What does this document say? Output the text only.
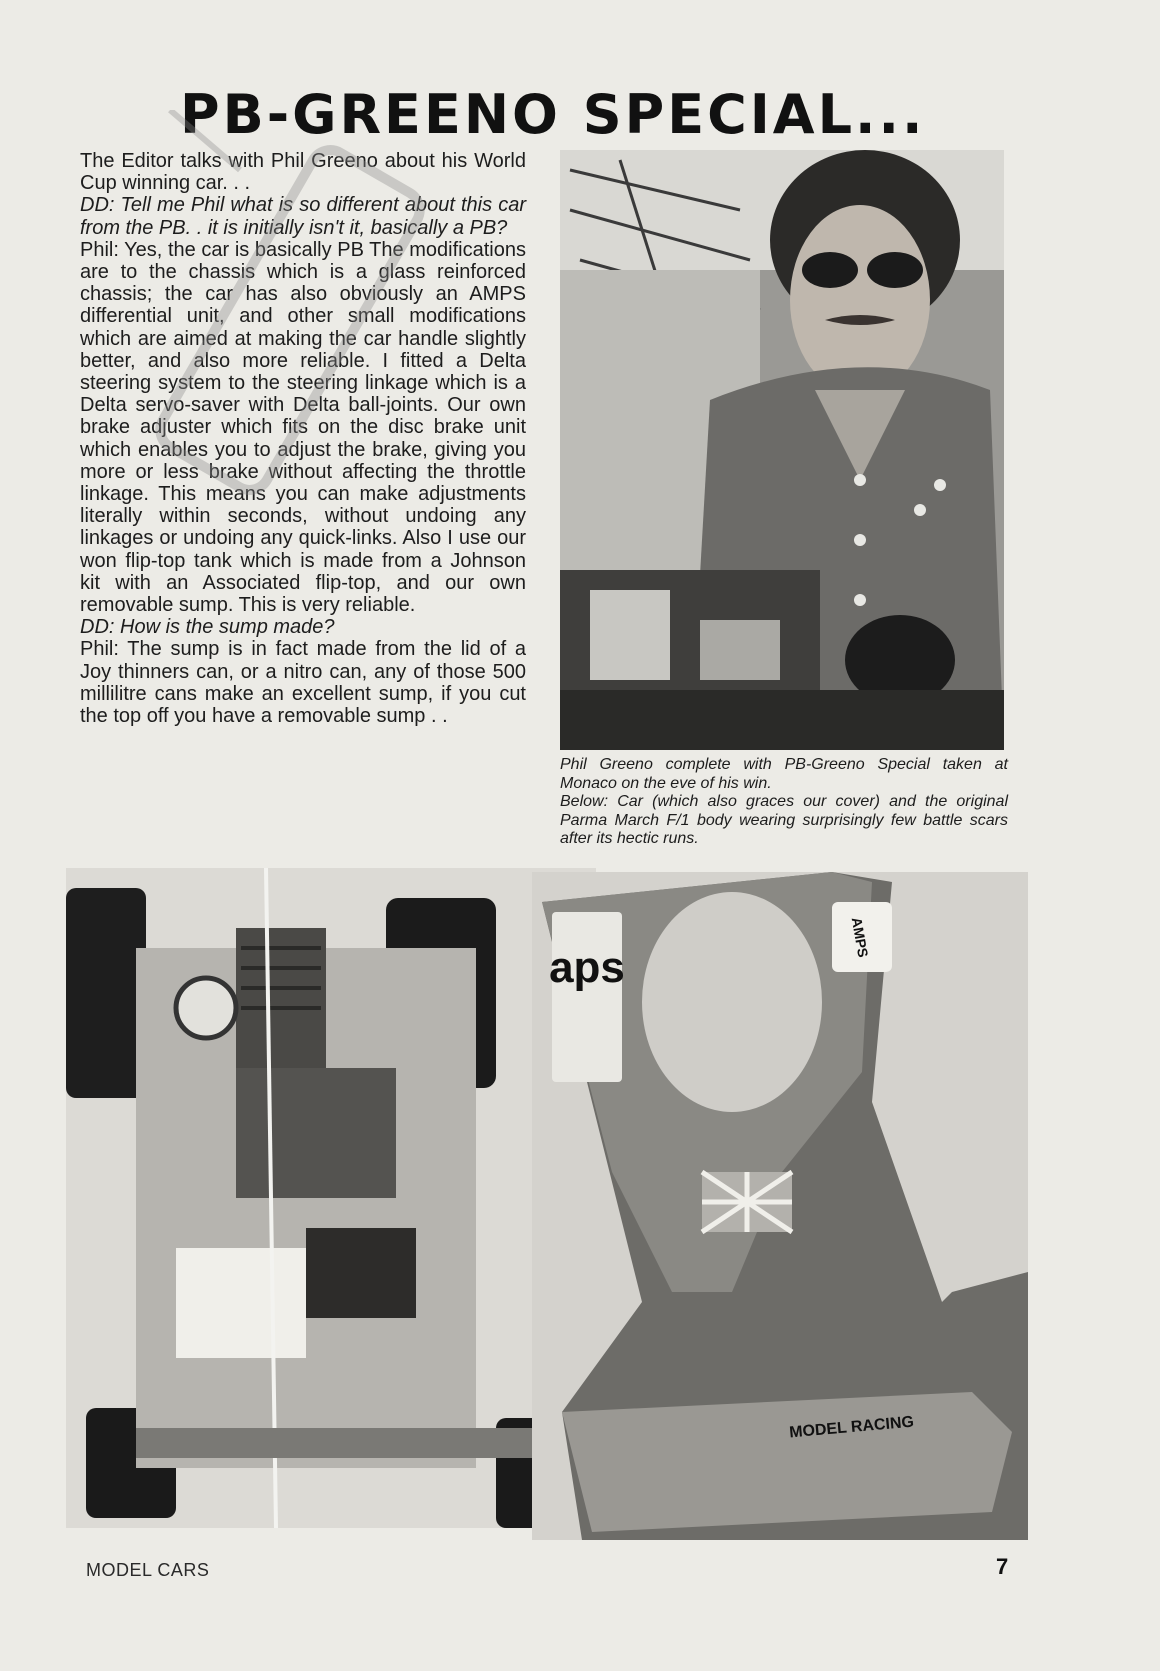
PB-GREENO SPECIAL...

The Editor talks with Phil Greeno about his World Cup winning car. . .

DD: Tell me Phil what is so different about this car from the PB. . it is initially isn't it, basically a PB?

Phil: Yes, the car is basically PB The modifications are to the chassis which is a glass reinforced chassis; the car has also obviously an AMPS differential unit, and other small modifications which are aimed at making the car handle slightly better, and also more reliable. I fitted a Delta steering system to the steering linkage which is a Delta servo-saver with Delta ball-joints. Our own brake adjuster which fits on the disc brake unit which enables you to adjust the brake, giving you more or less brake without affecting the throttle linkage. This means you can make adjustments literally within seconds, without undoing any linkages or undoing any quick-links. Also I use our won flip-top tank which is made from a Johnson kit with an Associated flip-top, and our own removable sump. This is very reliable.

DD: How is the sump made?

Phil: The sump is in fact made from the lid of a Joy thinners can, or a nitro can, any of those 500 millilitre cans make an excellent sump, if you cut the top off you have a removable sump . .

Phil Greeno complete with PB-Greeno Special taken at Monaco on the eve of his win.

Below: Car (which also graces our cover) and the original Parma March F/1 body wearing surprisingly few battle scars after its hectic runs.

aps
AMPS
MODEL RACING
MODEL CARS	7
